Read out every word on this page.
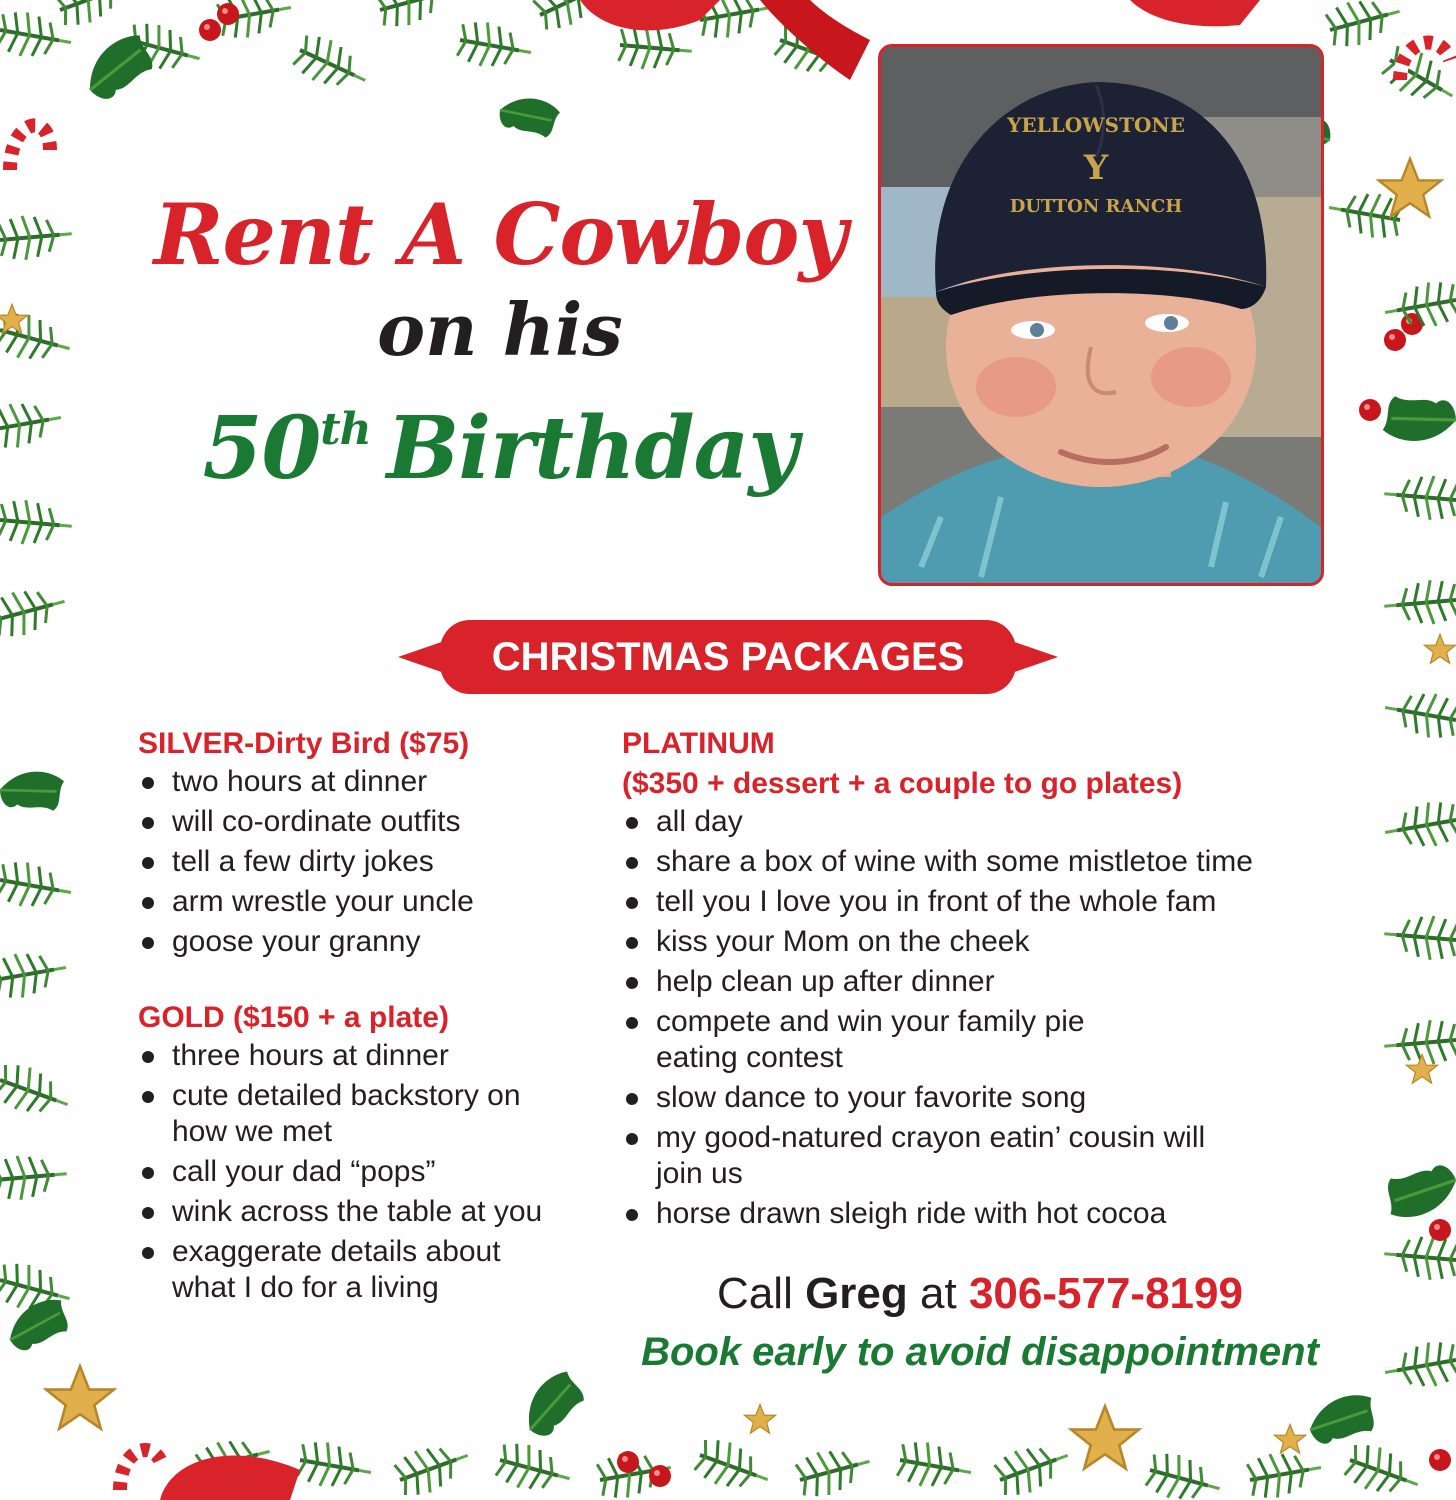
Rent A Cowboy
on his
50th Birthday
YELLOWSTONE
Y
DUTTON RANCH
CHRISTMAS PACKAGES
SILVER-Dirty Bird ($75)
two hours at dinner
will co-ordinate outfits
tell a few dirty jokes
arm wrestle your uncle
goose your granny
GOLD ($150 + a plate)
three hours at dinner
cute detailed backstory on how we met
call your dad “pops”
wink across the table at you
exaggerate details about what I do for a living
PLATINUM
($350 + dessert + a couple to go plates)
all day
share a box of wine with some mistletoe time
tell you I love you in front of the whole fam
kiss your Mom on the cheek
help clean up after dinner
compete and win your family pie eating contest
slow dance to your favorite song
my good-natured crayon eatin’ cousin will join us
horse drawn sleigh ride with hot cocoa
Call Greg at 306-577-8199
Book early to avoid disappointment
